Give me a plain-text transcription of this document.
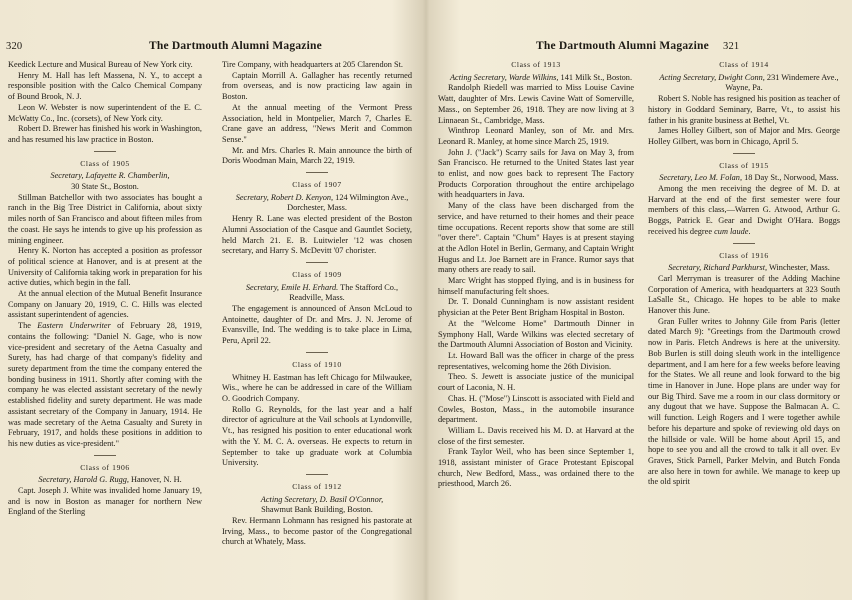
320	The Dartmouth Alumni Magazine

Keedick Lecture and Musical Bureau of New York city.

Henry M. Hall has left Massena, N. Y., to accept a responsible position with the Calco Chemical Company of Bound Brook, N. J.

Leon W. Webster is now superintendent of the E. C. McWatty Co., Inc. (corsets), of New York city.

Robert D. Brewer has finished his work in Washington, and has resumed his law practice in Boston.

Class of 1905

Secretary, Lafayette R. Chamberlin,
30 State St., Boston.

Stillman Batchellor with two associates has bought a ranch in the Big Tree District in California, about sixty miles north of San Francisco and about fifteen miles from the coast. He says he intends to give up his profession as mining engineer.

Henry K. Norton has accepted a position as professor of political science at Hanover, and is at present at the University of California taking work in preparation for his active duties, which begin in the fall.

At the annual election of the Mutual Benefit Insurance Company on January 20, 1919, C. C. Hills was elected assistant superintendent of agencies.

The Eastern Underwriter of February 28, 1919, contains the following: "Daniel N. Gage, who is now vice-president and secretary of the Aetna Casualty and Surety, has had charge of that company's fidelity and surety department from the time the company entered the bonding business in 1911. Shortly after coming with the company he was elected assistant secretary of the newly established fidelity and surety department. He was made assistant secretary of the Company in January, 1914. He was made secretary of the Aetna Casualty and Surety in February, 1917, and holds these positions in addition to his new duties as vice-president."

Class of 1906

Secretary, Harold G. Rugg, Hanover, N. H.

Capt. Joseph J. White was invalided home January 19, and is now in Boston as manager for northern New England of the Sterling

Tire Company, with headquarters at 205 Clarendon St.

Captain Morrill A. Gallagher has recently returned from overseas, and is now practicing law again in Boston.

At the annual meeting of the Vermont Press Association, held in Montpelier, March 7, Charles E. Crane gave an address, "News Merit and Common Sense."

Mr. and Mrs. Charles R. Main announce the birth of Doris Woodman Main, March 22, 1919.

Class of 1907

Secretary, Robert D. Kenyon, 124 Wilmington Ave., Dorchester, Mass.

Henry R. Lane was elected president of the Boston Alumni Association of the Casque and Gauntlet Society, held March 21. E. B. Luitwieler '12 was chosen secretary, and Harry S. McDevitt '07 chorister.

Class of 1909

Secretary, Emile H. Erhard. The Stafford Co., Readville, Mass.

The engagement is announced of Anson McLoud to Antoinette, daughter of Dr. and Mrs. J. N. Jerome of Evansville, Ind. The wedding is to take place in Lima, Peru, April 22.

Class of 1910

Whitney H. Eastman has left Chicago for Milwaukee, Wis., where he can be addressed in care of the William O. Goodrich Company.

Rollo G. Reynolds, for the last year and a half director of agriculture at the Vail schools at Lyndonville, Vt., has resigned his position to enter educational work with the Y. M. C. A. overseas. He expects to return in September to take up graduate work at Columbia University.

Class of 1912

Acting Secretary, D. Basil O'Connor,
Shawmut Bank Building, Boston.

Rev. Hermann Lohmann has resigned his pastorate at Irving, Mass., to become pastor of the Congregational church at Whately, Mass.

The Dartmouth Alumni Magazine 321
Class of 1913

Acting Secretary, Warde Wilkins, 141 Milk St., Boston.

Randolph Riedell was married to Miss Louise Cavine Watt, daughter of Mrs. Lewis Cavine Watt of Somerville, Mass., on September 26, 1918. They are now living at 3 Linnaean St., Cambridge, Mass.

Winthrop Leonard Manley, son of Mr. and Mrs. Leonard R. Manley, at home since March 25, 1919.

John J. ("Jack") Scarry sails for Java on May 3, from San Francisco. He returned to the United States last year to enlist, and now goes back to represent The Factory Products Corporation throughout the entire archipelago with headquarters in Java.

Many of the class have been discharged from the service, and have returned to their homes and their peace time occupations. Recent reports show that some are still "over there". Captain "Chum" Hayes is at present staying at the Adlon Hotel in Berlin, Germany, and Captain Wright Hugus and Lt. Joe Barnett are in France. Rumor says that many others are ready to sail.

Marc Wright has stopped flying, and is in business for himself manufacturing felt shoes.

Dr. T. Donald Cunningham is now assistant resident physician at the Peter Bent Brigham Hospital in Boston.

At the "Welcome Home" Dartmouth Dinner in Symphony Hall, Warde Wilkins was elected secretary of the Dartmouth Alumni Association of Boston and Vicinity.

Lt. Howard Ball was the officer in charge of the press representatives, welcoming home the 26th Division.

Theo. S. Jewett is associate justice of the municipal court of Laconia, N. H.

Chas. H. ("Mose") Linscott is associated with Field and Cowles, Boston, Mass., in the automobile insurance department.

William L. Davis received his M. D. at Harvard at the close of the first semester.

Frank Taylor Weil, who has been since September 1, 1918, assistant minister of Grace Protestant Episcopal church, New Bedford, Mass., was ordained there to the priesthood, March 26.

Class of 1914

Acting Secretary, Dwight Conn, 231 Windemere Ave., Wayne, Pa.

Robert S. Noble has resigned his position as teacher of history in Goddard Seminary, Barre, Vt., to assist his father in his granite business at Bethel, Vt.

James Holley Gilbert, son of Major and Mrs. George Holley Gilbert, was born in Chicago, April 5.

Class of 1915

Secretary, Leo M. Folan, 18 Day St., Norwood, Mass.

Among the men receiving the degree of M. D. at Harvard at the end of the first semester were four members of this class,—Warren G. Atwood, Arthur G. Boggs, Patrick E. Gear and Dwight O'Hara. Boggs received his degree cum laude.

Class of 1916

Secretary, Richard Parkhurst, Winchester, Mass.

Carl Merryman is treasurer of the Adding Machine Corporation of America, with headquarters at 323 South LaSalle St., Chicago. He hopes to be able to make Hanover this June.

Gran Fuller writes to Johnny Gile from Paris (letter dated March 9): "Greetings from the Dartmouth crowd now in Paris. Fletch Andrews is here at the university. Bob Burlen is still doing sleuth work in the intelligence department, and I am here for a few weeks before leaving for the States. We all reune and look forward to the big time in Hanover in June. Hope plans are under way for our Big Third. Save me a room in our class dormitory or any dugout that we have. Suppose the Balmacan A. C. will function. Leigh Rogers and I were together awhile before his departure and spoke of reviewing old days on the hillside or vale. Will be home about April 15, and hope to see you and all the crowd to talk it all over. Ev Graves, Stick Parnell, Parker Melvin, and Butch Fonda are also here in town for awhile. We manage to keep up the old spirit
